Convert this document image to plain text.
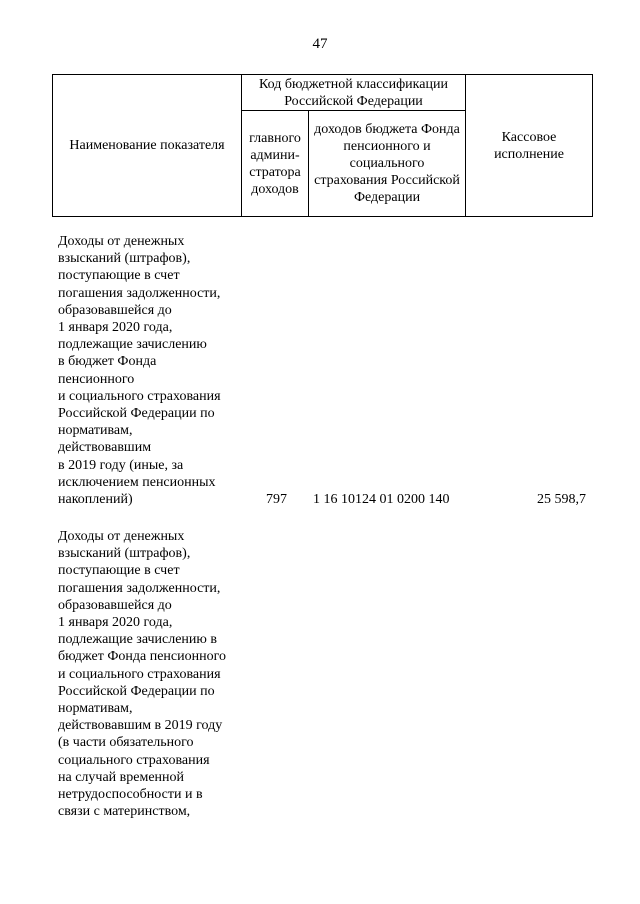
47
Наименование показателя	Код бюджетной классификации Российской Федерации		Кассовое исполнение
	главного админи-стратора доходов	доходов бюджета Фонда пенсионного и социального страхования Российской Федерации	
Доходы от денежных
взысканий (штрафов),
поступающие в счет
погашения задолженности,
образовавшейся до
1 января 2020 года,
подлежащие зачислению
в бюджет Фонда
пенсионного
и социального страхования
Российской Федерации по
нормативам,
действовавшим
в 2019 году (иные, за
исключением пенсионных
накоплений)	797	1 16 10124 01 0200 140	25 598,7
Доходы от денежных
взысканий (штрафов),
поступающие в счет
погашения задолженности,
образовавшейся до
1 января 2020 года,
подлежащие зачислению в
бюджет Фонда пенсионного
и социального страхования
Российской Федерации по
нормативам,
действовавшим в 2019 году
(в части обязательного
социального страхования
на случай временной
нетрудоспособности и в
связи с материнством,
